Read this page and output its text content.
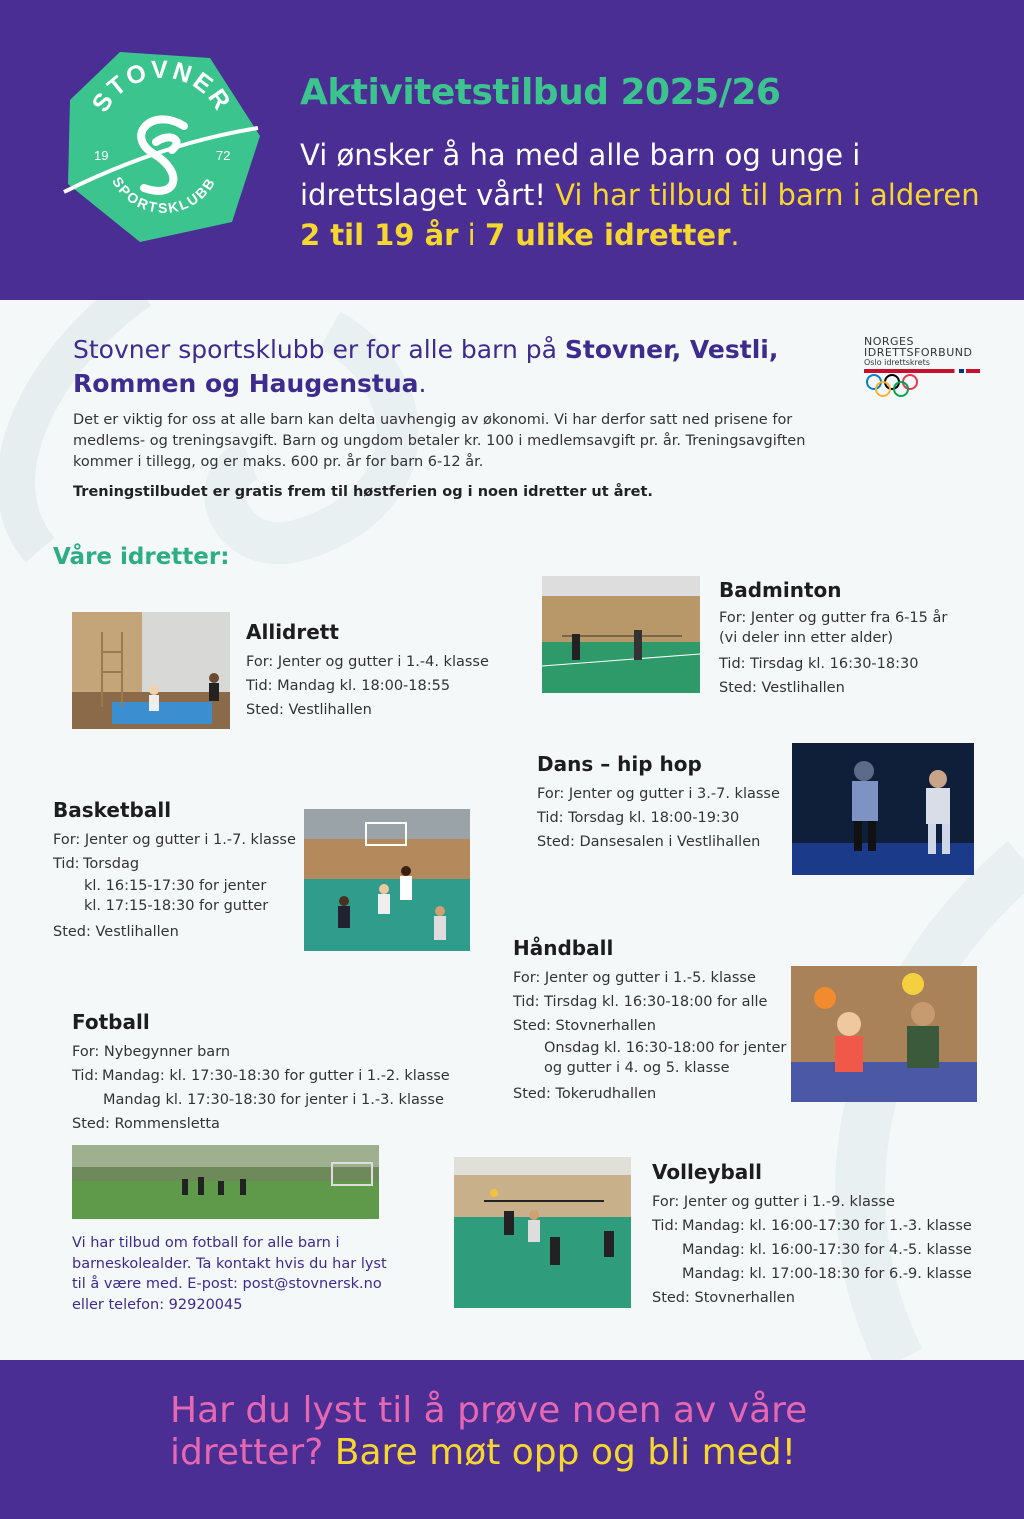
STOVNER
SPORTSKLUBB
19	72
Aktivitetstilbud 2025/26
Vi ønsker å ha med alle barn og unge i idrettslaget vårt! Vi har tilbud til barn i alderen 2 til 19 år i 7 ulike idretter.
Stovner sportsklubb er for alle barn på Stovner, Vestli, Rommen og Haugenstua.
NORGES
IDRETTSFORBUND
Oslo idrettskrets
Det er viktig for oss at alle barn kan delta uavhengig av økonomi. Vi har derfor satt ned prisene for medlems- og treningsavgift. Barn og ungdom betaler kr. 100 i medlemsavgift pr. år. Treningsavgiften kommer i tillegg, og er maks. 600 pr. år for barn 6-12 år.
Treningstilbudet er gratis frem til høstferien og i noen idretter ut året.
Våre idretter:
Allidrett
For: Jenter og gutter i 1.-4. klasse
Tid: Mandag kl. 18:00-18:55
Sted: Vestlihallen
Badminton
For: Jenter og gutter fra 6-15 år
(vi deler inn etter alder)
Tid: Tirsdag kl. 16:30-18:30
Sted: Vestlihallen
Dans – hip hop
For: Jenter og gutter i 3.-7. klasse
Tid: Torsdag kl. 18:00-19:30
Sted: Dansesalen i Vestlihallen
Basketball
For: Jenter og gutter i 1.-7. klasse
Tid: Torsdag
kl. 16:15-17:30 for jenter
kl. 17:15-18:30 for gutter
Sted: Vestlihallen
Håndball
For: Jenter og gutter i 1.-5. klasse
Tid: Tirsdag kl. 16:30-18:00 for alle
Sted: Stovnerhallen
Onsdag kl. 16:30-18:00 for jenter
og gutter i 4. og 5. klasse
Sted: Tokerudhallen
Fotball
For: Nybegynner barn
Tid: Mandag: kl. 17:30-18:30 for gutter i 1.-2. klasse
Mandag kl. 17:30-18:30 for jenter i 1.-3. klasse
Sted: Rommensletta
Vi har tilbud om fotball for alle barn i barneskolealder. Ta kontakt hvis du har lyst til å være med. E-post: post@stovnersk.no eller telefon: 92920045
Volleyball
For: Jenter og gutter i 1.-9. klasse
Tid: Mandag: kl. 16:00-17:30 for 1.-3. klasse
Mandag: kl. 16:00-17:30 for 4.-5. klasse
Mandag: kl. 17:00-18:30 for 6.-9. klasse
Sted: Stovnerhallen
Har du lyst til å prøve noen av våre idretter? Bare møt opp og bli med!
